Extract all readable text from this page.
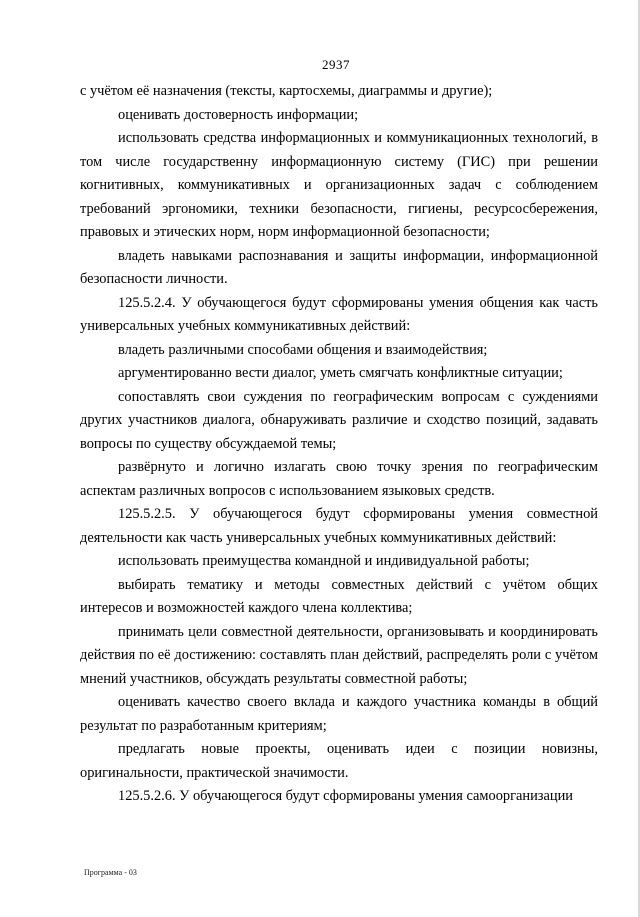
2937

с учётом её назначения (тексты, картосхемы, диаграммы и другие);

оценивать достоверность информации;

использовать средства информационных и коммуникационных технологий, в том числе государственну информационную систему (ГИС) при решении когнитивных, коммуникативных и организационных задач с соблюдением требований эргономики, техники безопасности, гигиены, ресурсосбережения, правовых и этических норм, норм информационной безопасности;

владеть навыками распознавания и защиты информации, информационной безопасности личности.

125.5.2.4. У обучающегося будут сформированы умения общения как часть универсальных учебных коммуникативных действий:

владеть различными способами общения и взаимодействия;

аргументированно вести диалог, уметь смягчать конфликтные ситуации;

сопоставлять свои суждения по географическим вопросам с суждениями других участников диалога, обнаруживать различие и сходство позиций, задавать вопросы по существу обсуждаемой темы;

развёрнуто и логично излагать свою точку зрения по географическим аспектам различных вопросов с использованием языковых средств.

125.5.2.5. У обучающегося будут сформированы умения совместной деятельности как часть универсальных учебных коммуникативных действий:

использовать преимущества командной и индивидуальной работы;

выбирать тематику и методы совместных действий с учётом общих интересов и возможностей каждого члена коллектива;

принимать цели совместной деятельности, организовывать и координировать действия по её достижению: составлять план действий, распределять роли с учётом мнений участников, обсуждать результаты совместной работы;

оценивать качество своего вклада и каждого участника команды в общий результат по разработанным критериям;

предлагать новые проекты, оценивать идеи с позиции новизны, оригинальности, практической значимости.

125.5.2.6. У обучающегося будут сформированы умения самоорганизации

Программа - 03
